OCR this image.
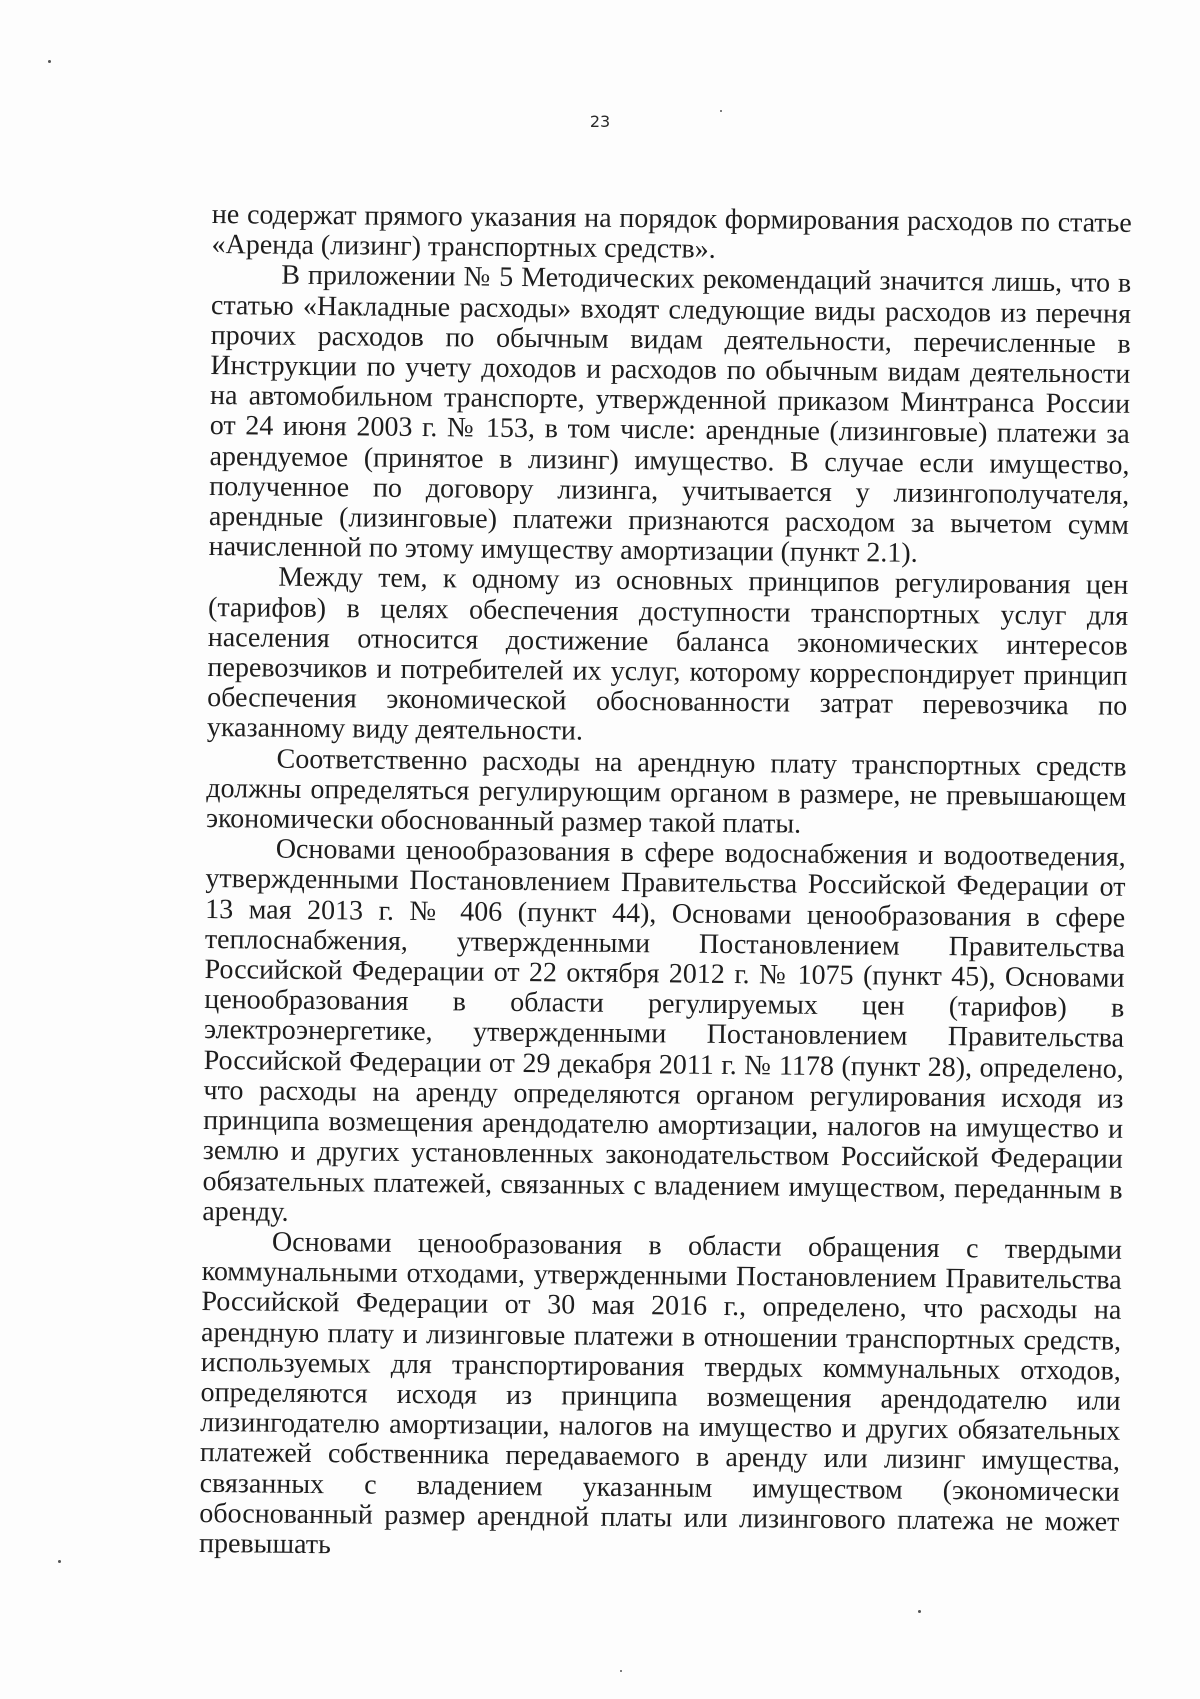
23

не содержат прямого указания на порядок формирования расходов по статье «Аренда (лизинг) транспортных средств».

В приложении № 5 Методических рекомендаций значится лишь, что в статью «Накладные расходы» входят следующие виды расходов из перечня прочих расходов по обычным видам деятельности, перечисленные в Инструкции по учету доходов и расходов по обычным видам деятельности на автомобильном транспорте, утвержденной приказом Минтранса России от 24 июня 2003 г. № 153, в том числе: арендные (лизинговые) платежи за арендуемое (принятое в лизинг) имущество. В случае если имущество, полученное по договору лизинга, учитывается у лизингополучателя, арендные (лизинговые) платежи признаются расходом за вычетом сумм начисленной по этому имуществу амортизации (пункт 2.1).

Между тем, к одному из основных принципов регулирования цен (тарифов) в целях обеспечения доступности транспортных услуг для населения относится достижение баланса экономических интересов перевозчиков и потребителей их услуг, которому корреспондирует принцип обеспечения экономической обоснованности затрат перевозчика по указанному виду деятельности.

Соответственно расходы на арендную плату транспортных средств должны определяться регулирующим органом в размере, не превышающем экономически обоснованный размер такой платы.

Основами ценообразования в сфере водоснабжения и водоотведения, утвержденными Постановлением Правительства Российской Федерации от 13 мая 2013 г. № 406 (пункт 44), Основами ценообразования в сфере теплоснабжения, утвержденными Постановлением Правительства Российской Федерации от 22 октября 2012 г. № 1075 (пункт 45), Основами ценообразования в области регулируемых цен (тарифов) в электроэнергетике, утвержденными Постановлением Правительства Российской Федерации от 29 декабря 2011 г. № 1178 (пункт 28), определено, что расходы на аренду определяются органом регулирования исходя из принципа возмещения арендодателю амортизации, налогов на имущество и землю и других установленных законодательством Российской Федерации обязательных платежей, связанных с владением имуществом, переданным в аренду.

Основами ценообразования в области обращения с твердыми коммунальными отходами, утвержденными Постановлением Правительства Российской Федерации от 30 мая 2016 г., определено, что расходы на арендную плату и лизинговые платежи в отношении транспортных средств, используемых для транспортирования твердых коммунальных отходов, определяются исходя из принципа возмещения арендодателю или лизингодателю амортизации, налогов на имущество и других обязательных платежей собственника передаваемого в аренду или лизинг имущества, связанных с владением указанным имуществом (экономически обоснованный размер арендной платы или лизингового платежа не может превышать
